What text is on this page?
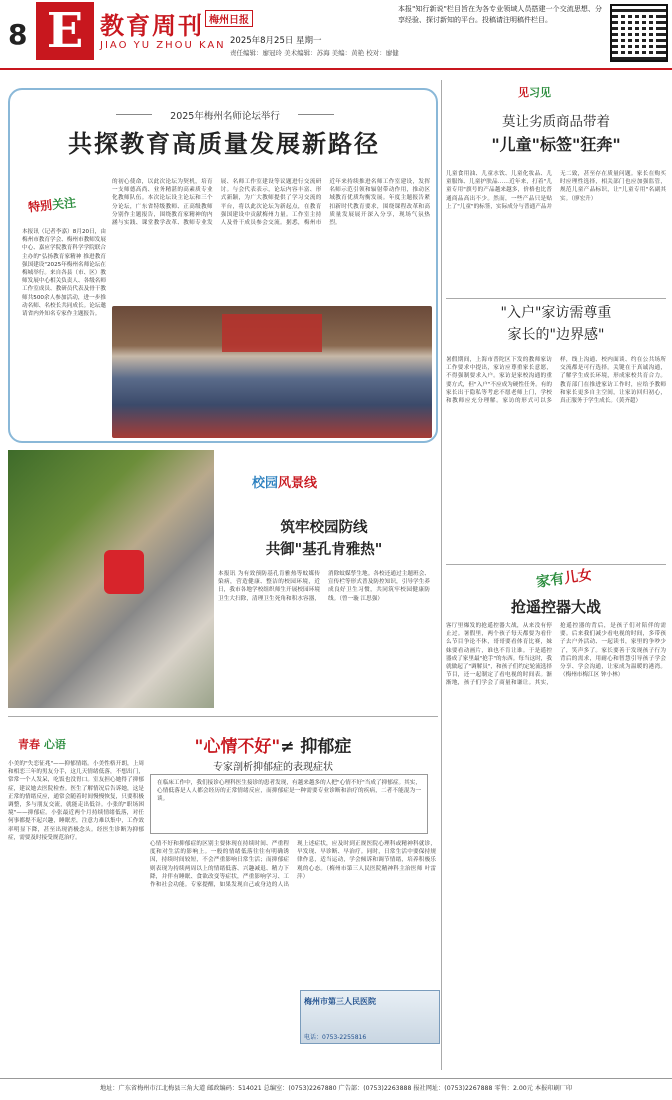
8 E 教育周刊 梅州日报
JIAO YU ZHOU KAN 2025年8月25日 星期一
责任编辑：廖冠玲 美术编辑：苏海 美编：黄艳 校对：廖健
本报"知行新说"栏目旨在为各专业领域人员搭建一个交流思想、分享经验、探讨新知的平台。投稿请注明稿件栏目。
2025年梅州名师论坛举行
共探教育高质量发展新路径
特别关注
本报讯（记者李嘉）8月20日，由梅州市教育学会、梅州市教师发展中心、嘉应学院教育科学学院联合主办的"弘扬教育家精神 推进教育强国建设"2025年梅州名师论坛在梅城举行。来自各县（市、区）教师发展中心相关负责人、各级名师工作室成员、教研员代表及骨干教师共500余人参加活动，进一步推动名师、名校长共同成长。论坛邀请省内外知名专家作主题报告。
的初心使命，以此次论坛为契机，培育一支师德高尚、业务精湛的高素质专业化教师队伍。本次论坛设主论坛和三个分论坛，广东省特级教师、正高级教师分别作主题报告，围绕教育家精神的内涵与实践、课堂教学改革、教师专业发展、名师工作室建设等议题进行交流研讨。与会代表表示，论坛内容丰富、形式新颖，为广大教师提供了学习交流的平台，将以此次论坛为新起点，在教育强国建设中贡献梅州力量。工作室主持人及骨干成员参会交流。据悉，梅州市近年来持续推进名师工作室建设，发挥名师示范引领和辐射带动作用，推动区域教育优质均衡发展。年度主题报告紧扣新时代教育要求，围绕课程改革和高质量发展展开深入分享，现场气氛热烈。
见习见
莫让劣质商品带着
"儿童"标签"狂奔"
儿童食用油、儿童水饮、儿童化妆品、儿童服饰、儿童护肤品……近年来，打着"儿童专用"旗号的产品越来越多，价格也比普通商品高出不少。然而，一些产品只是贴上了"儿童"的标签，实际成分与普通产品并无二致，甚至存在质量问题。家长在购买时应理性选择，相关部门也应加强监管，规范儿童产品标识，让"儿童专用"名副其实。（廖宏升）
"入户"家访需尊重
家长的"边界感"
暑假期间，上海市普陀区下发的教师家访工作要求中提出，家访应尊重家长意愿，不得强制要求入户。家访是家校沟通的重要方式，但"入户"不应成为硬性任务。有的家长出于隐私等考虑不愿老师上门，学校和教师应充分理解。家访的形式可以多样，线上沟通、校内面谈、约在公共场所交流都是可行选择。关键在于真诚沟通，了解学生成长环境，形成家校共育合力。教育部门在推进家访工作时，应给予教师和家长更多自主空间，让家访回归初心，真正服务于学生成长。（黄齐超）
家有儿女
抢遥控器大战
客厅里爆发的抢遥控器大战，从来没有停止过。暑假里，两个孩子每天都要为看什么节目争论不休，哥哥要看体育比赛，妹妹要看动画片，谁也不肯让谁。于是遥控器成了家里最"抢手"的东西。每当这时，我就做起了"调解员"，和孩子们约定轮流选择节目，还一起制定了看电视的时间表。渐渐地，孩子们学会了商量和谦让。其实，抢遥控器的背后，是孩子们对陪伴的需要。后来我们减少看电视的时间，多带孩子去户外活动、一起读书，家里的争吵少了，笑声多了。家长要善于发现孩子行为背后的需求，用耐心和智慧引导孩子学会分享、学会沟通，让家成为温暖的港湾。（梅州市梅江区 钟小林）
校园风景线
筑牢校园防线
共御"基孔肯雅热"
本报讯 为有效预防基孔肯雅热等蚊媒传染病，营造健康、整洁的校园环境，近日，我市各地学校组织师生开展校园环境卫生大扫除，清理卫生死角和积水容器，消除蚊媒孳生地。各校还通过主题班会、宣传栏等形式普及防控知识，引导学生养成良好卫生习惯，共同筑牢校园健康防线。（曾一璇 江思强）
青春 心语	"心情不好"≠ 抑郁症
专家剖析抑郁症的表现症状
在临床工作中，我们接诊心理科医生接诊的患者发现，有越来越多的人把"心情不好"当成了抑郁症。其实，心情低落是人人都会经历的正常情绪反应，而抑郁症是一种需要专业诊断和治疗的疾病，二者不能混为一谈。
小美的"失恋征兆"——抑郁情绪。小美性格开朗，上周和相恋三年的男友分手，这几天情绪低落，不想出门，常常一个人发呆，吃饭也没胃口。室友担心她得了抑郁症，建议她去医院检查。医生了解情况后告诉她，这是正常的情绪反应，通常会随着时间慢慢恢复，只要积极调整，多与朋友交流，就能走出低谷。小张的"职场困境"——抑郁症。小张最近两个月持续情绪低落，对任何事都提不起兴趣，睡眠差，注意力难以集中，工作效率明显下降，甚至出现消极念头。经医生诊断为抑郁症，需要及时接受规范治疗。
心情不好和抑郁症的区别主要体现在持续时间、严重程度和对生活的影响上。一般的情绪低落往往有明确诱因，持续时间较短，不会严重影响日常生活；而抑郁症则表现为持续两周以上的情绪低落、兴趣减退、精力下降，并伴有睡眠、食欲改变等症状，严重影响学习、工作和社会功能。专家提醒，如果发现自己或身边的人出现上述症状，应及时到正规医院心理科或精神科就诊，早发现、早诊断、早治疗。同时，日常生活中要保持规律作息，适当运动，学会倾诉和调节情绪，培养积极乐观的心态。（梅州市第三人民医院精神科主治医师 叶雷萍）
梅州市第三人民医院
电话：0753-2255816
地址：广东省梅州市江北梅县三角大道 邮政编码：514021 总编室：(0753)2267880 广告部：(0753)2263888 报社网址：(0753)2267888 零售：2.00元 本报印刷厂印
